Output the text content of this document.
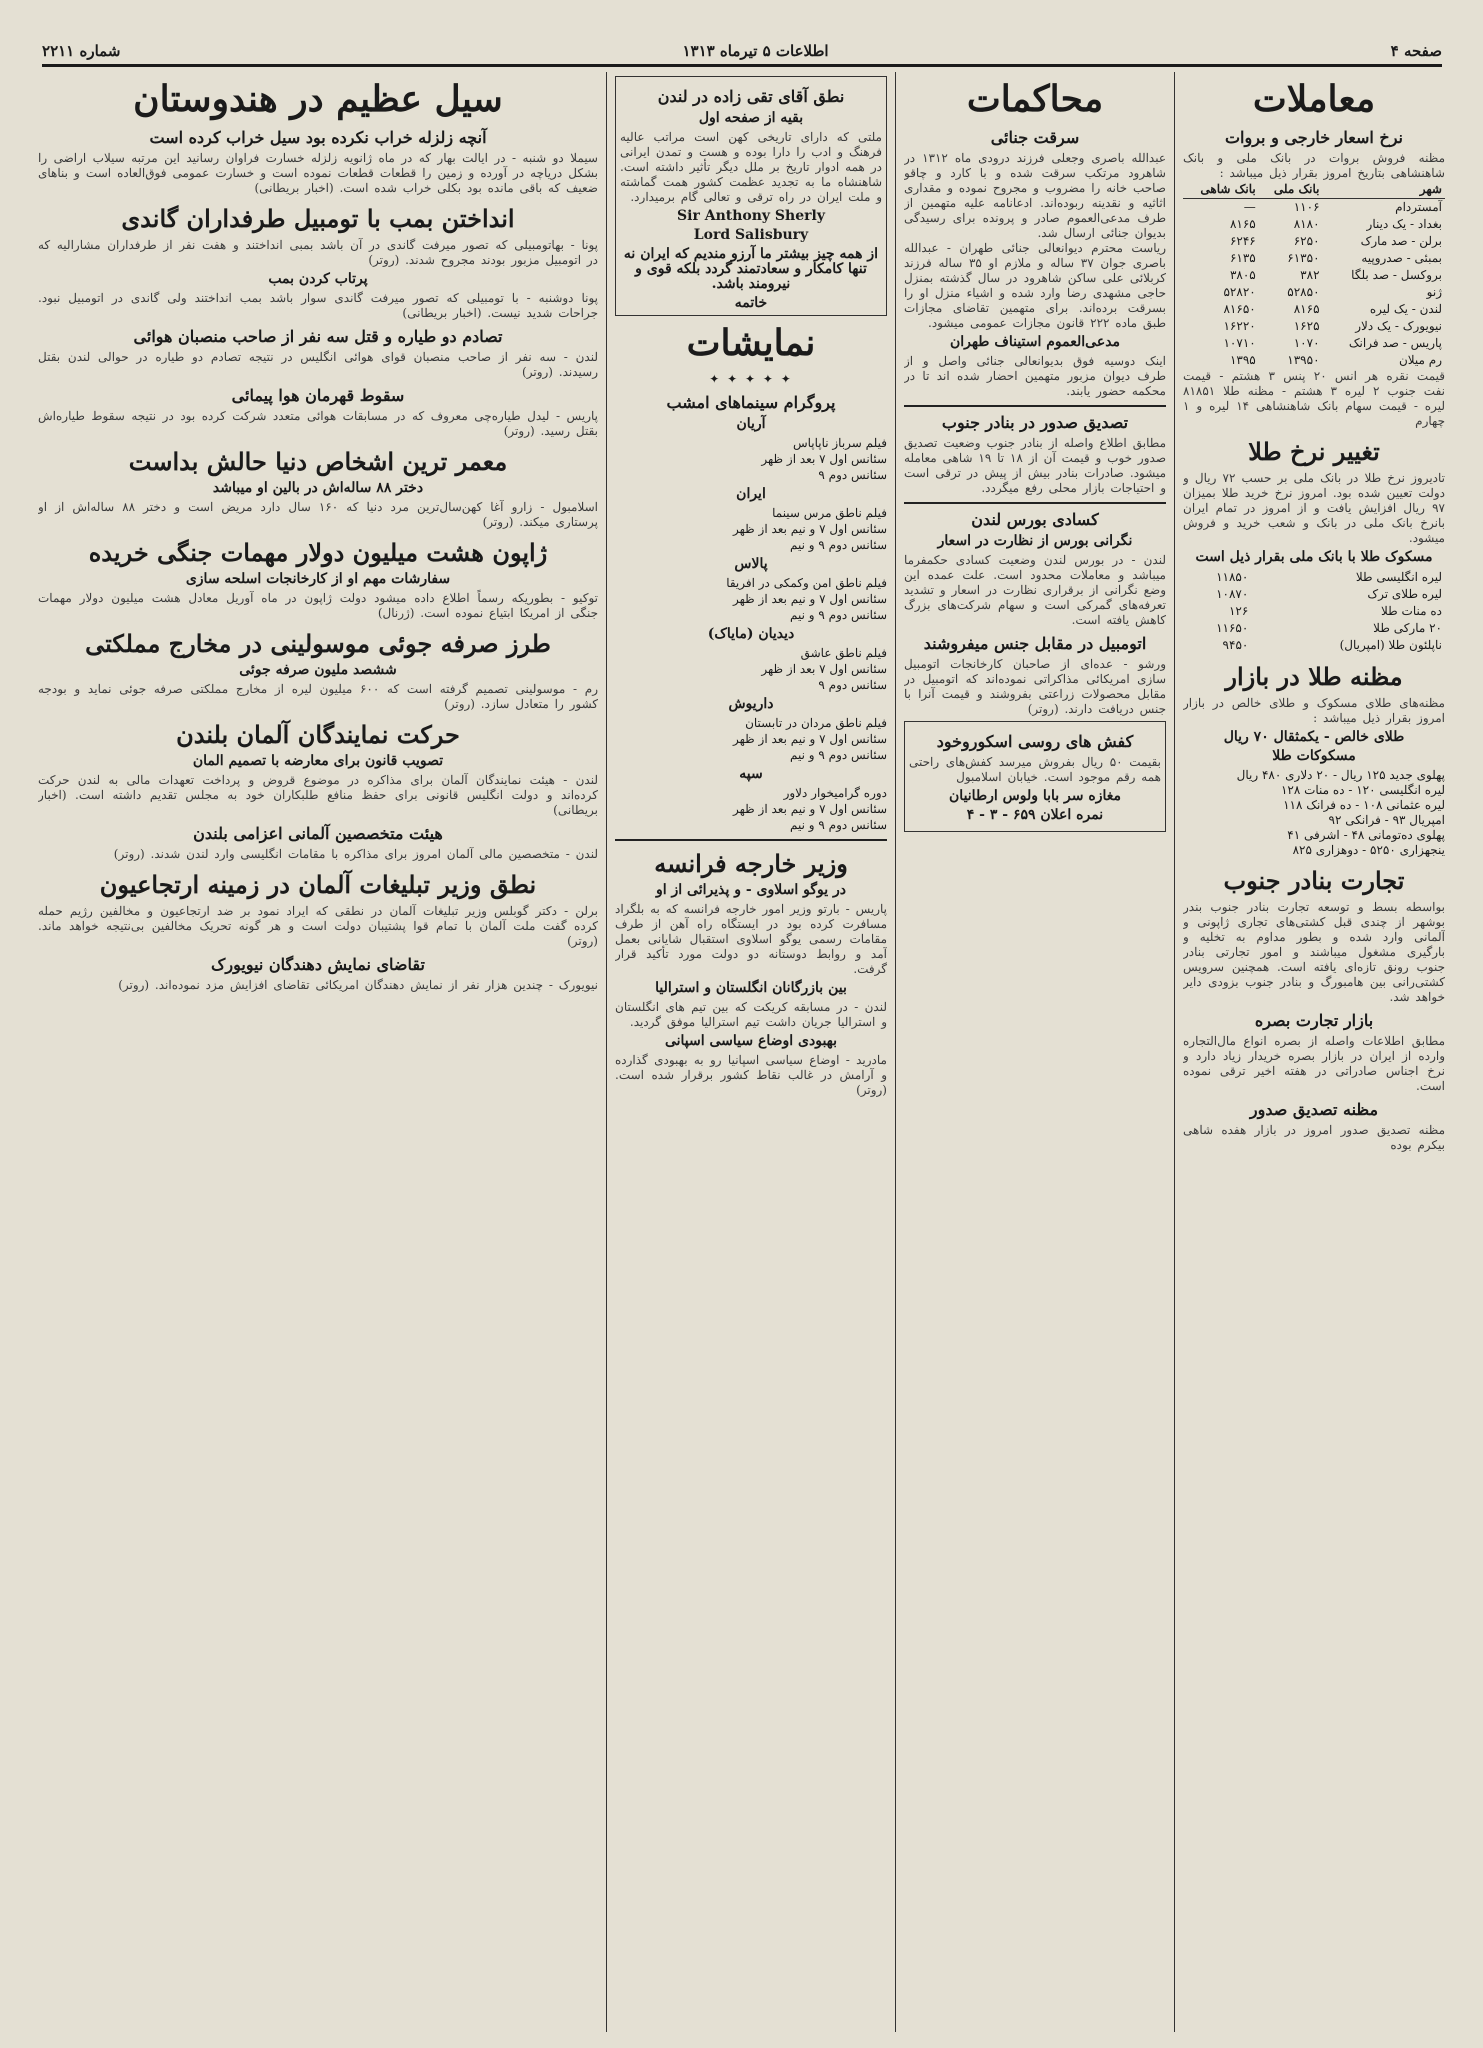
صفحه ۴
اطلاعات ۵ تیرماه ۱۳۱۳
شماره ۲۲۱۱
معاملات
نرخ اسعار خارجی و بروات
مظنه فروش بروات در بانک ملی و بانک شاهنشاهی بتاریخ امروز بقرار ذیل میباشد :
شهر	بانک ملی	بانک شاهی
آمستردام	۱۱۰۶	—
بغداد - یک دینار	۸۱۸۰	۸۱۶۵
برلن - صد مارک	۶۲۵۰	۶۲۴۶
بمبئی - صدروپیه	۶۱۳۵۰	۶۱۳۵
بروکسل - صد بلگا	۳۸۲	۳۸۰۵
ژنو	۵۲۸۵۰	۵۲۸۲۰
لندن - یک لیره	۸۱۶۵	۸۱۶۵۰
نیویورک - یک دلار	۱۶۲۵	۱۶۲۲۰
پاریس - صد فرانک	۱۰۷۰	۱۰۷۱۰
رم میلان	۱۳۹۵۰	۱۳۹۵
قیمت نقره هر انس ۲۰ پنس ۳ هشتم - قیمت نفت جنوب ۲ لیره ۳ هشتم - مظنه طلا ۸۱۸۵۱ لیره - قیمت سهام بانک شاهنشاهی ۱۴ لیره و ۱ چهارم
تغییر نرخ طلا
تادیروز نرخ طلا در بانک ملی بر حسب ۷۲ ریال و دولت تعیین شده بود. امروز نرخ خرید طلا بمیزان ۹۷ ریال افزایش یافت و از امروز در تمام ایران بانرخ بانک ملی در بانک و شعب خرید و فروش میشود.
مسکوک طلا با بانک ملی بقرار ذیل است
لیره انگلیسی طلا	۱۱۸۵۰
لیره طلای ترک	۱۰۸۷۰
ده منات طلا	۱۲۶
۲۰ مارکی طلا	۱۱۶۵۰
ناپلئون طلا (امپریال)	۹۴۵۰
مظنه طلا در بازار
مظنه‌های طلای مسکوک و طلای خالص در بازار امروز بقرار ذیل میباشد :
طلای خالص - یکمثقال ۷۰ ریال
مسکوکات طلا
پهلوی جدید ۱۲۵ ریال - ۲۰ دلاری ۴۸۰ ریال
لیره انگلیسی ۱۲۰ - ده منات ۱۲۸
لیره عثمانی ۱۰۸ - ده فرانک ۱۱۸
امپریال ۹۳ - فرانکی ۹۲
پهلوی ده‌تومانی ۴۸ - اشرفی ۴۱
ینجهزاری ۵۲۵۰ - دوهزاری ۸۲۵
تجارت بنادر جنوب
بواسطه بسط و توسعه تجارت بنادر جنوب بندر بوشهر از چندی قبل کشتی‌های تجاری ژاپونی و آلمانی وارد شده و بطور مداوم به تخلیه و بارگیری مشغول میباشند و امور تجارتی بنادر جنوب رونق تازه‌ای یافته است. همچنین سرویس کشتی‌رانی بین هامبورگ و بنادر جنوب بزودی دایر خواهد شد.
بازار تجارت بصره
مطابق اطلاعات واصله از بصره انواع مال‌التجاره وارده از ایران در بازار بصره خریدار زیاد دارد و نرخ اجناس صادراتی در هفته اخیر ترقی نموده است.
مظنه تصدیق صدور
مظنه تصدیق صدور امروز در بازار هفده شاهی بیکرم بوده
محاکمات
سرقت جنائی
عبدالله باصری وجعلی فرزند درودی ماه ۱۳۱۲ در شاهرود مرتکب سرقت شده و با کارد و چاقو صاحب خانه را مضروب و مجروح نموده و مقداری اثاثیه و نقدینه ربوده‌اند. ادعانامه علیه متهمین از طرف مدعی‌العموم صادر و پرونده برای رسیدگی بدیوان جنائی ارسال شد.
ریاست محترم دیوانعالی جنائی طهران - عبدالله باصری جوان ۳۷ ساله و ملازم او ۳۵ ساله فرزند کربلائی علی ساکن شاهرود در سال گذشته بمنزل حاجی مشهدی رضا وارد شده و اشیاء منزل او را بسرقت برده‌اند. برای متهمین تقاضای مجازات طبق ماده ۲۲۲ قانون مجازات عمومی میشود.
مدعی‌العموم استیناف طهران
اینک دوسیه فوق بدیوانعالی جنائی واصل و از طرف دیوان مزبور متهمین احضار شده اند تا در محکمه حضور یابند.
تصدیق صدور در بنادر جنوب
مطابق اطلاع واصله از بنادر جنوب وضعیت تصدیق صدور خوب و قیمت آن از ۱۸ تا ۱۹ شاهی معامله میشود. صادرات بنادر بیش از پیش در ترقی است و احتیاجات بازار محلی رفع میگردد.
کسادی بورس لندن
نگرانی بورس از نظارت در اسعار
لندن - در بورس لندن وضعیت کسادی حکمفرما میباشد و معاملات محدود است. علت عمده این وضع نگرانی از برقراری نظارت در اسعار و تشدید تعرفه‌های گمرکی است و سهام شرکت‌های بزرگ کاهش یافته است.
اتومبیل در مقابل جنس میفروشند
ورشو - عده‌ای از صاحبان کارخانجات اتومبیل سازی امریکائی مذاکراتی نموده‌اند که اتومبیل در مقابل محصولات زراعتی بفروشند و قیمت آنرا با جنس دریافت دارند. (روتر)
کفش های روسی اسکوروخود
بقیمت ۵۰ ریال بفروش میرسد کفش‌های راحتی همه رقم موجود است. خیابان اسلامبول
مغازه سر بابا ولوس ارطانیان
نمره اعلان ۶۵۹ - ۳ - ۴
نطق آقای تقی زاده در لندن
بقیه از صفحه اول
ملتی که دارای تاریخی کهن است مراتب عالیه فرهنگ و ادب را دارا بوده و هست و تمدن ایرانی در همه ادوار تاریخ بر ملل دیگر تأثیر داشته است. شاهنشاه ما به تجدید عظمت کشور همت گماشته و ملت ایران در راه ترقی و تعالی گام برمیدارد.
Sir Anthony Sherly
Lord Salisbury
از همه چیز بیشتر ما آرزو مندیم که ایران نه تنها کامکار و سعادتمند گردد بلکه قوی و نیرومند باشد.
خاتمه
نمایشات
✦ ✦ ✦ ✦ ✦
پروگرام سینماهای امشب
آریان
فیلم سرباز ناپاپاس
سئانس اول ۷ بعد از ظهر
سئانس دوم ۹
ایران
فیلم ناطق مرس سینما
سئانس اول ۷ و نیم بعد از ظهر
سئانس دوم ۹ و نیم
پالاس
فیلم ناطق امن وکمکی در افریقا
سئانس اول ۷ و نیم بعد از ظهر
سئانس دوم ۹ و نیم
دیدیان (مایاک)
فیلم ناطق عاشق
سئانس اول ۷ بعد از ظهر
سئانس دوم ۹
داریوش
فیلم ناطق مردان در تابستان
سئانس اول ۷ و نیم بعد از ظهر
سئانس دوم ۹ و نیم
سپه
دوره گرامیخوار دلاور
سئانس اول ۷ و نیم بعد از ظهر
سئانس دوم ۹ و نیم
وزیر خارجه فرانسه
در یوگو اسلاوی - و پذیرائی از او
پاریس - بارتو وزیر امور خارجه فرانسه که به بلگراد مسافرت کرده بود در ایستگاه راه آهن از طرف مقامات رسمی یوگو اسلاوی استقبال شایانی بعمل آمد و روابط دوستانه دو دولت مورد تأکید قرار گرفت.
بین بازرگانان انگلستان و استرالیا
لندن - در مسابقه کریکت که بین تیم های انگلستان و استرالیا جریان داشت تیم استرالیا موفق گردید.
بهبودی اوضاع سیاسی اسپانی
مادرید - اوضاع سیاسی اسپانیا رو به بهبودی گذارده و آرامش در غالب نقاط کشور برقرار شده است. (روتر)
سیل عظیم در هندوستان
آنچه زلزله خراب نکرده بود سیل خراب کرده است
سیملا دو شنبه - در ایالت بهار که در ماه ژانویه زلزله خسارت فراوان رسانید این مرتبه سیلاب اراضی را بشکل دریاچه در آورده و زمین را قطعات قطعات نموده است و خسارت عمومی فوق‌العاده است و بناهای ضعیف که باقی مانده بود بکلی خراب شده است. (اخبار بریطانی)
انداختن بمب با تومبیل طرفداران گاندی
پونا - بهاتومبیلی که تصور میرفت گاندی در آن باشد بمبی انداختند و هفت نفر از طرفداران مشارالیه که در اتومبیل مزبور بودند مجروح شدند. (روتر)
پرتاب کردن بمب
پونا دوشنبه - با تومبیلی که تصور میرفت گاندی سوار باشد بمب انداختند ولی گاندی در اتومبیل نبود. جراحات شدید نیست. (اخبار بریطانی)
تصادم دو طیاره و قتل سه نفر از صاحب منصبان هوائی
لندن - سه نفر از صاحب منصبان قوای هوائی انگلیس در نتیجه تصادم دو طیاره در حوالی لندن بقتل رسیدند. (روتر)
سقوط قهرمان هوا پیمائی
پاریس - لیدل طیاره‌چی معروف که در مسابقات هوائی متعدد شرکت کرده بود در نتیجه سقوط طیاره‌اش بقتل رسید. (روتر)
معمر ترین اشخاص دنیا حالش بداست
دختر ۸۸ ساله‌اش در بالین او میباشد
اسلامبول - زارو آغا کهن‌سال‌ترین مرد دنیا که ۱۶۰ سال دارد مریض است و دختر ۸۸ ساله‌اش از او پرستاری میکند. (روتر)
ژاپون هشت میلیون دولار مهمات جنگی خریده
سفارشات مهم او از کارخانجات اسلحه سازی
توکیو - بطوریکه رسماً اطلاع داده میشود دولت ژاپون در ماه آوریل معادل هشت میلیون دولار مهمات جنگی از امریکا ابتیاع نموده است. (ژرنال)
طرز صرفه جوئی موسولینی در مخارج مملکتی
ششصد ملیون صرفه جوئی
رم - موسولینی تصمیم گرفته است که ۶۰۰ میلیون لیره از مخارج مملکتی صرفه جوئی نماید و بودجه کشور را متعادل سازد. (روتر)
حرکت نمایندگان آلمان بلندن
تصویب قانون برای معارضه با تصمیم المان
لندن - هیئت نمایندگان آلمان برای مذاکره در موضوع قروض و پرداخت تعهدات مالی به لندن حرکت کرده‌اند و دولت انگلیس قانونی برای حفظ منافع طلبکاران خود به مجلس تقدیم داشته است. (اخبار بریطانی)
هیئت متخصصین آلمانی اعزامی بلندن
لندن - متخصصین مالی آلمان امروز برای مذاکره با مقامات انگلیسی وارد لندن شدند. (روتر)
نطق وزیر تبلیغات آلمان در زمینه ارتجاعیون
برلن - دکتر گوبلس وزیر تبلیغات آلمان در نطقی که ایراد نمود بر ضد ارتجاعیون و مخالفین رژیم حمله کرده گفت ملت آلمان با تمام قوا پشتیبان دولت است و هر گونه تحریک مخالفین بی‌نتیجه خواهد ماند. (روتر)
تقاضای نمایش دهندگان نیویورک
نیویورک - چندین هزار نفر از نمایش دهندگان امریکائی تقاضای افزایش مزد نموده‌اند. (روتر)
